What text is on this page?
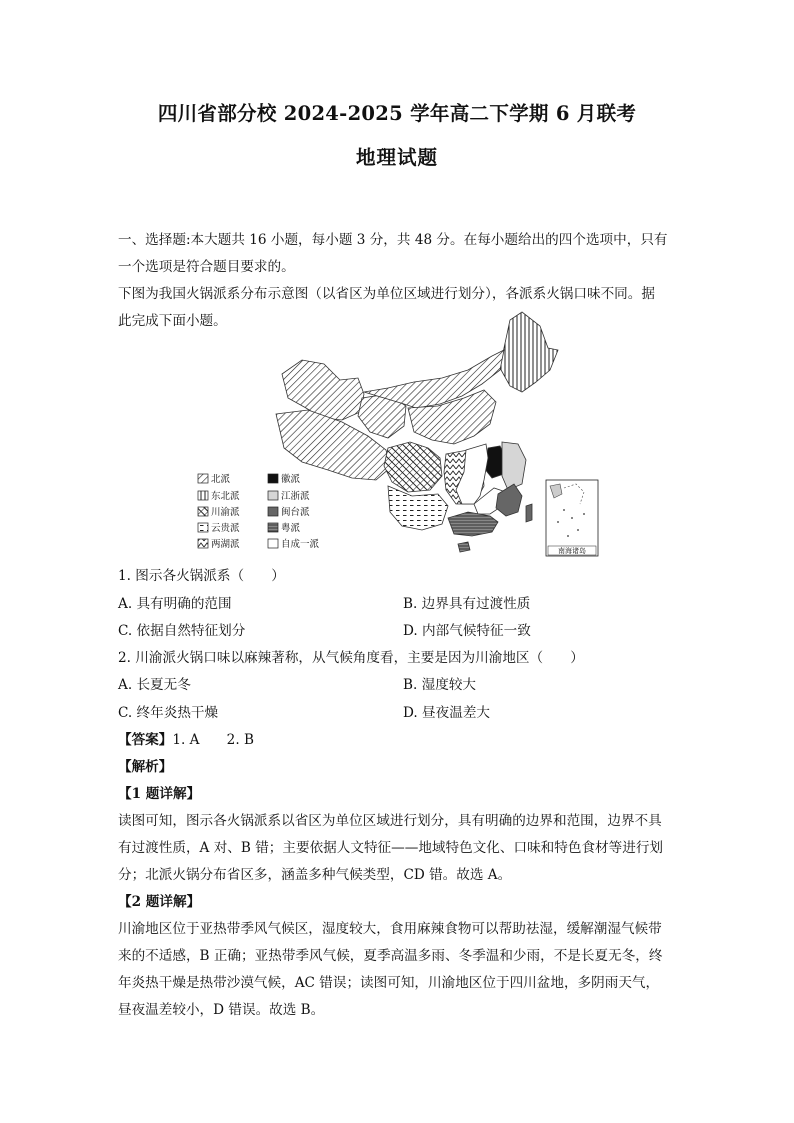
四川省部分校 2024-2025 学年高二下学期 6 月联考
地理试题
一、选择题:本大题共 16 小题，每小题 3 分，共 48 分。在每小题给出的四个选项中，只有
一个选项是符合题目要求的。
下图为我国火锅派系分布示意图（以省区为单位区域进行划分），各派系火锅口味不同。据
此完成下面小题。
北派
东北派
川渝派
云贵派
两湖派
徽派
江浙派
闽台派
粤派
自成一派
南海诸岛
1. 图示各火锅派系（　　）
A. 具有明确的范围	B. 边界具有过渡性质
C. 依据自然特征划分	D. 内部气候特征一致
2. 川渝派火锅口味以麻辣著称，从气候角度看，主要是因为川渝地区（　　）
A. 长夏无冬	B. 湿度较大
C. 终年炎热干燥	D. 昼夜温差大
【答案】1. A　　2. B
【解析】
【1 题详解】
读图可知，图示各火锅派系以省区为单位区域进行划分，具有明确的边界和范围，边界不具
有过渡性质，A 对、B 错；主要依据人文特征——地域特色文化、口味和特色食材等进行划
分；北派火锅分布省区多，涵盖多种气候类型，CD 错。故选 A。
【2 题详解】
川渝地区位于亚热带季风气候区，湿度较大，食用麻辣食物可以帮助祛湿，缓解潮湿气候带
来的不适感，B 正确；亚热带季风气候，夏季高温多雨、冬季温和少雨，不是长夏无冬，终
年炎热干燥是热带沙漠气候，AC 错误；读图可知，川渝地区位于四川盆地，多阴雨天气，
昼夜温差较小，D 错误。故选 B。
